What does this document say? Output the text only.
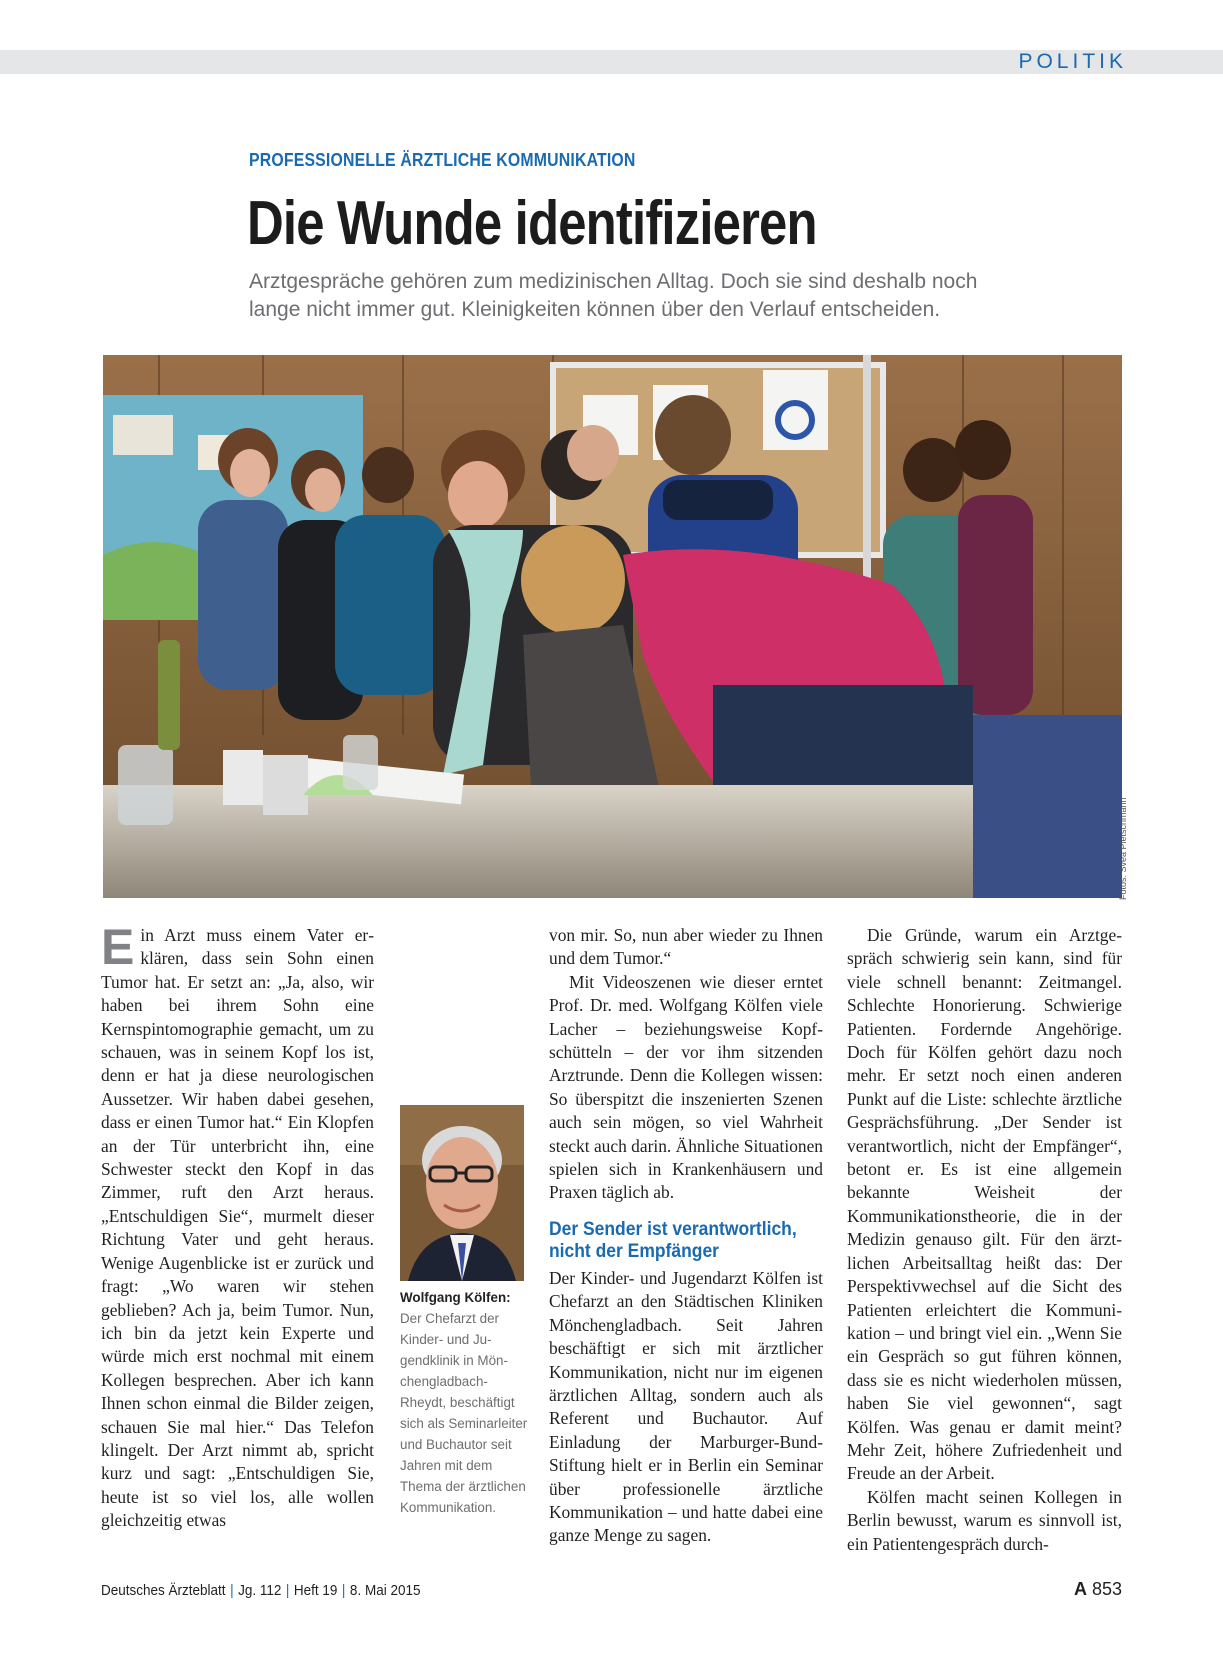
POLITIK
PROFESSIONELLE ÄRZTLICHE KOMMUNIKATION
Die Wunde identifizieren
Arztgespräche gehören zum medizinischen Alltag. Doch sie sind deshalb noch
lange nicht immer gut. Kleinigkeiten können über den Verlauf entscheiden.
Fotos: Svea Pietschmann

Ein Arzt muss einem Vater erklären, dass sein Sohn einen Tumor hat. Er setzt an: „Ja, also, wir haben bei ihrem Sohn eine Kernspintomographie gemacht, um zu schauen, was in seinem Kopf los ist, denn er hat ja diese neurologischen Aussetzer. Wir haben dabei gesehen, dass er einen Tumor hat.“ Ein Klopfen an der Tür unterbricht ihn, eine Schwester steckt den Kopf in das Zimmer, ruft den Arzt heraus. „Entschuldigen Sie“, murmelt dieser Richtung Vater und geht heraus. Wenige Augenblicke ist er zurück und fragt: „Wo waren wir stehen geblieben? Ach ja, beim Tumor. Nun, ich bin da jetzt kein Experte und würde mich erst nochmal mit einem Kollegen besprechen. Aber ich kann Ihnen schon einmal die Bilder zeigen, schauen Sie mal hier.“ Das Telefon klingelt. Der Arzt nimmt ab, spricht kurz und sagt: „Entschuldigen Sie, heute ist so viel los, alle wollen gleichzeitig etwas

Wolfgang Kölfen: Der Chefarzt der Kinder- und Jugendklinik in Mönchengladbach-Rheydt, beschäftigt sich als Seminarleiter und Buchautor seit Jahren mit dem Thema der ärztlichen Kommunikation.

von mir. So, nun aber wieder zu Ihnen und dem Tumor.“

Mit Videoszenen wie dieser erntet Prof. Dr. med. Wolfgang Kölfen viele Lacher – beziehungsweise Kopfschütteln – der vor ihm sitzenden Arztrunde. Denn die Kollegen wissen: So überspitzt die inszenierten Szenen auch sein mögen, so viel Wahrheit steckt auch darin. Ähnliche Situationen spielen sich in Krankenhäusern und Praxen täglich ab.

Der Sender ist verantwortlich, nicht der Empfänger

Der Kinder- und Jugendarzt Kölfen ist Chefarzt an den Städtischen Kliniken Mönchengladbach. Seit Jahren beschäftigt er sich mit ärztlicher Kommunikation, nicht nur im eigenen ärztlichen Alltag, sondern auch als Referent und Buchautor. Auf Einladung der Marburger-Bund-Stiftung hielt er in Berlin ein Seminar über professionelle ärztliche Kommunikation – und hatte dabei eine ganze Menge zu sagen.

Die Gründe, warum ein Arztgespräch schwierig sein kann, sind für viele schnell benannt: Zeitmangel. Schlechte Honorierung. Schwierige Patienten. Fordernde Angehörige. Doch für Kölfen gehört dazu noch mehr. Er setzt noch einen anderen Punkt auf die Liste: schlechte ärztliche Gesprächsführung. „Der Sender ist verantwortlich, nicht der Empfänger“, betont er. Es ist eine allgemein bekannte Weisheit der Kommunikationstheorie, die in der Medizin genauso gilt. Für den ärztlichen Arbeitsalltag heißt das: Der Perspektivwechsel auf die Sicht des Patienten erleichtert die Kommunikation – und bringt viel ein. „Wenn Sie ein Gespräch so gut führen können, dass sie es nicht wiederholen müssen, haben Sie viel gewonnen“, sagt Kölfen. Was genau er damit meint? Mehr Zeit, höhere Zufriedenheit und Freude an der Arbeit.

Kölfen macht seinen Kollegen in Berlin bewusst, warum es sinnvoll ist, ein Patientengespräch durch-

Deutsches Ärzteblatt | Jg. 112 | Heft 19 | 8. Mai 2015	A 853
